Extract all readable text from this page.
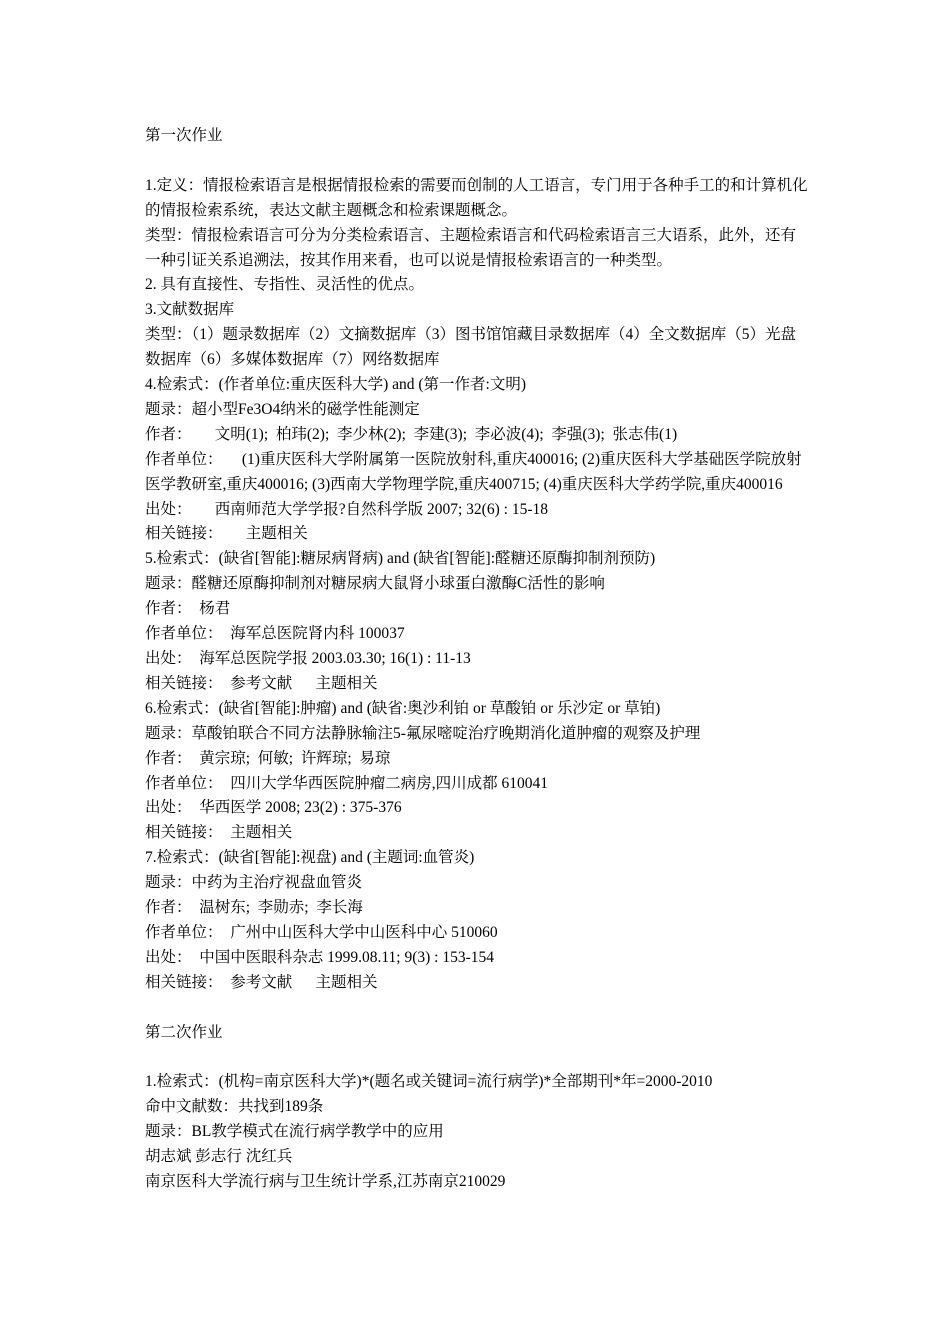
第一次作业
1.定义：情报检索语言是根据情报检索的需要而创制的人工语言，专门用于各种手工的和计算机化的情报检索系统，表达文献主题概念和检索课题概念。
类型：情报检索语言可分为分类检索语言、主题检索语言和代码检索语言三大语系，此外，还有一种引证关系追溯法，按其作用来看，也可以说是情报检索语言的一种类型。
2. 具有直接性、专指性、灵活性的优点。
3.文献数据库
类型：（1）题录数据库（2）文摘数据库（3）图书馆馆藏目录数据库（4）全文数据库（5）光盘数据库（6）多媒体数据库（7）网络数据库
4.检索式：(作者单位:重庆医科大学) and (第一作者:文明)
题录：超小型Fe3O4纳米的磁学性能测定
作者：      文明(1);  柏玮(2);  李少林(2);  李建(3);  李必波(4);  李强(3);  张志伟(1)
作者单位：     (1)重庆医科大学附属第一医院放射科,重庆400016; (2)重庆医科大学基础医学院放射医学教研室,重庆400016; (3)西南大学物理学院,重庆400715; (4)重庆医科大学药学院,重庆400016
出处：      西南师范大学学报?自然科学版 2007; 32(6) : 15-18
相关链接：      主题相关
5.检索式：(缺省[智能]:糖尿病肾病) and (缺省[智能]:醛糖还原酶抑制剂预防)
题录：醛糖还原酶抑制剂对糖尿病大鼠肾小球蛋白激酶C活性的影响
作者：  杨君
作者单位：  海军总医院肾内科 100037
出处：  海军总医院学报 2003.03.30; 16(1) : 11-13
相关链接：  参考文献      主题相关
6.检索式：(缺省[智能]:肿瘤) and (缺省:奥沙利铂 or 草酸铂 or 乐沙定 or 草铂)
题录：草酸铂联合不同方法静脉输注5-氟尿嘧啶治疗晚期消化道肿瘤的观察及护理
作者：  黄宗琼;  何敏;  许辉琼;  易琼
作者单位：  四川大学华西医院肿瘤二病房,四川成都 610041
出处：  华西医学 2008; 23(2) : 375-376
相关链接：  主题相关
7.检索式：(缺省[智能]:视盘) and (主题词:血管炎)
题录：中药为主治疗视盘血管炎
作者：  温树东;  李勋赤;  李长海
作者单位：  广州中山医科大学中山医科中心 510060
出处：  中国中医眼科杂志 1999.08.11; 9(3) : 153-154
相关链接：  参考文献      主题相关
第二次作业
1.检索式：(机构=南京医科大学)*(题名或关键词=流行病学)*全部期刊*年=2000-2010
命中文献数：共找到189条
题录：BL教学模式在流行病学教学中的应用
胡志斌 彭志行 沈红兵
南京医科大学流行病与卫生统计学系,江苏南京210029
